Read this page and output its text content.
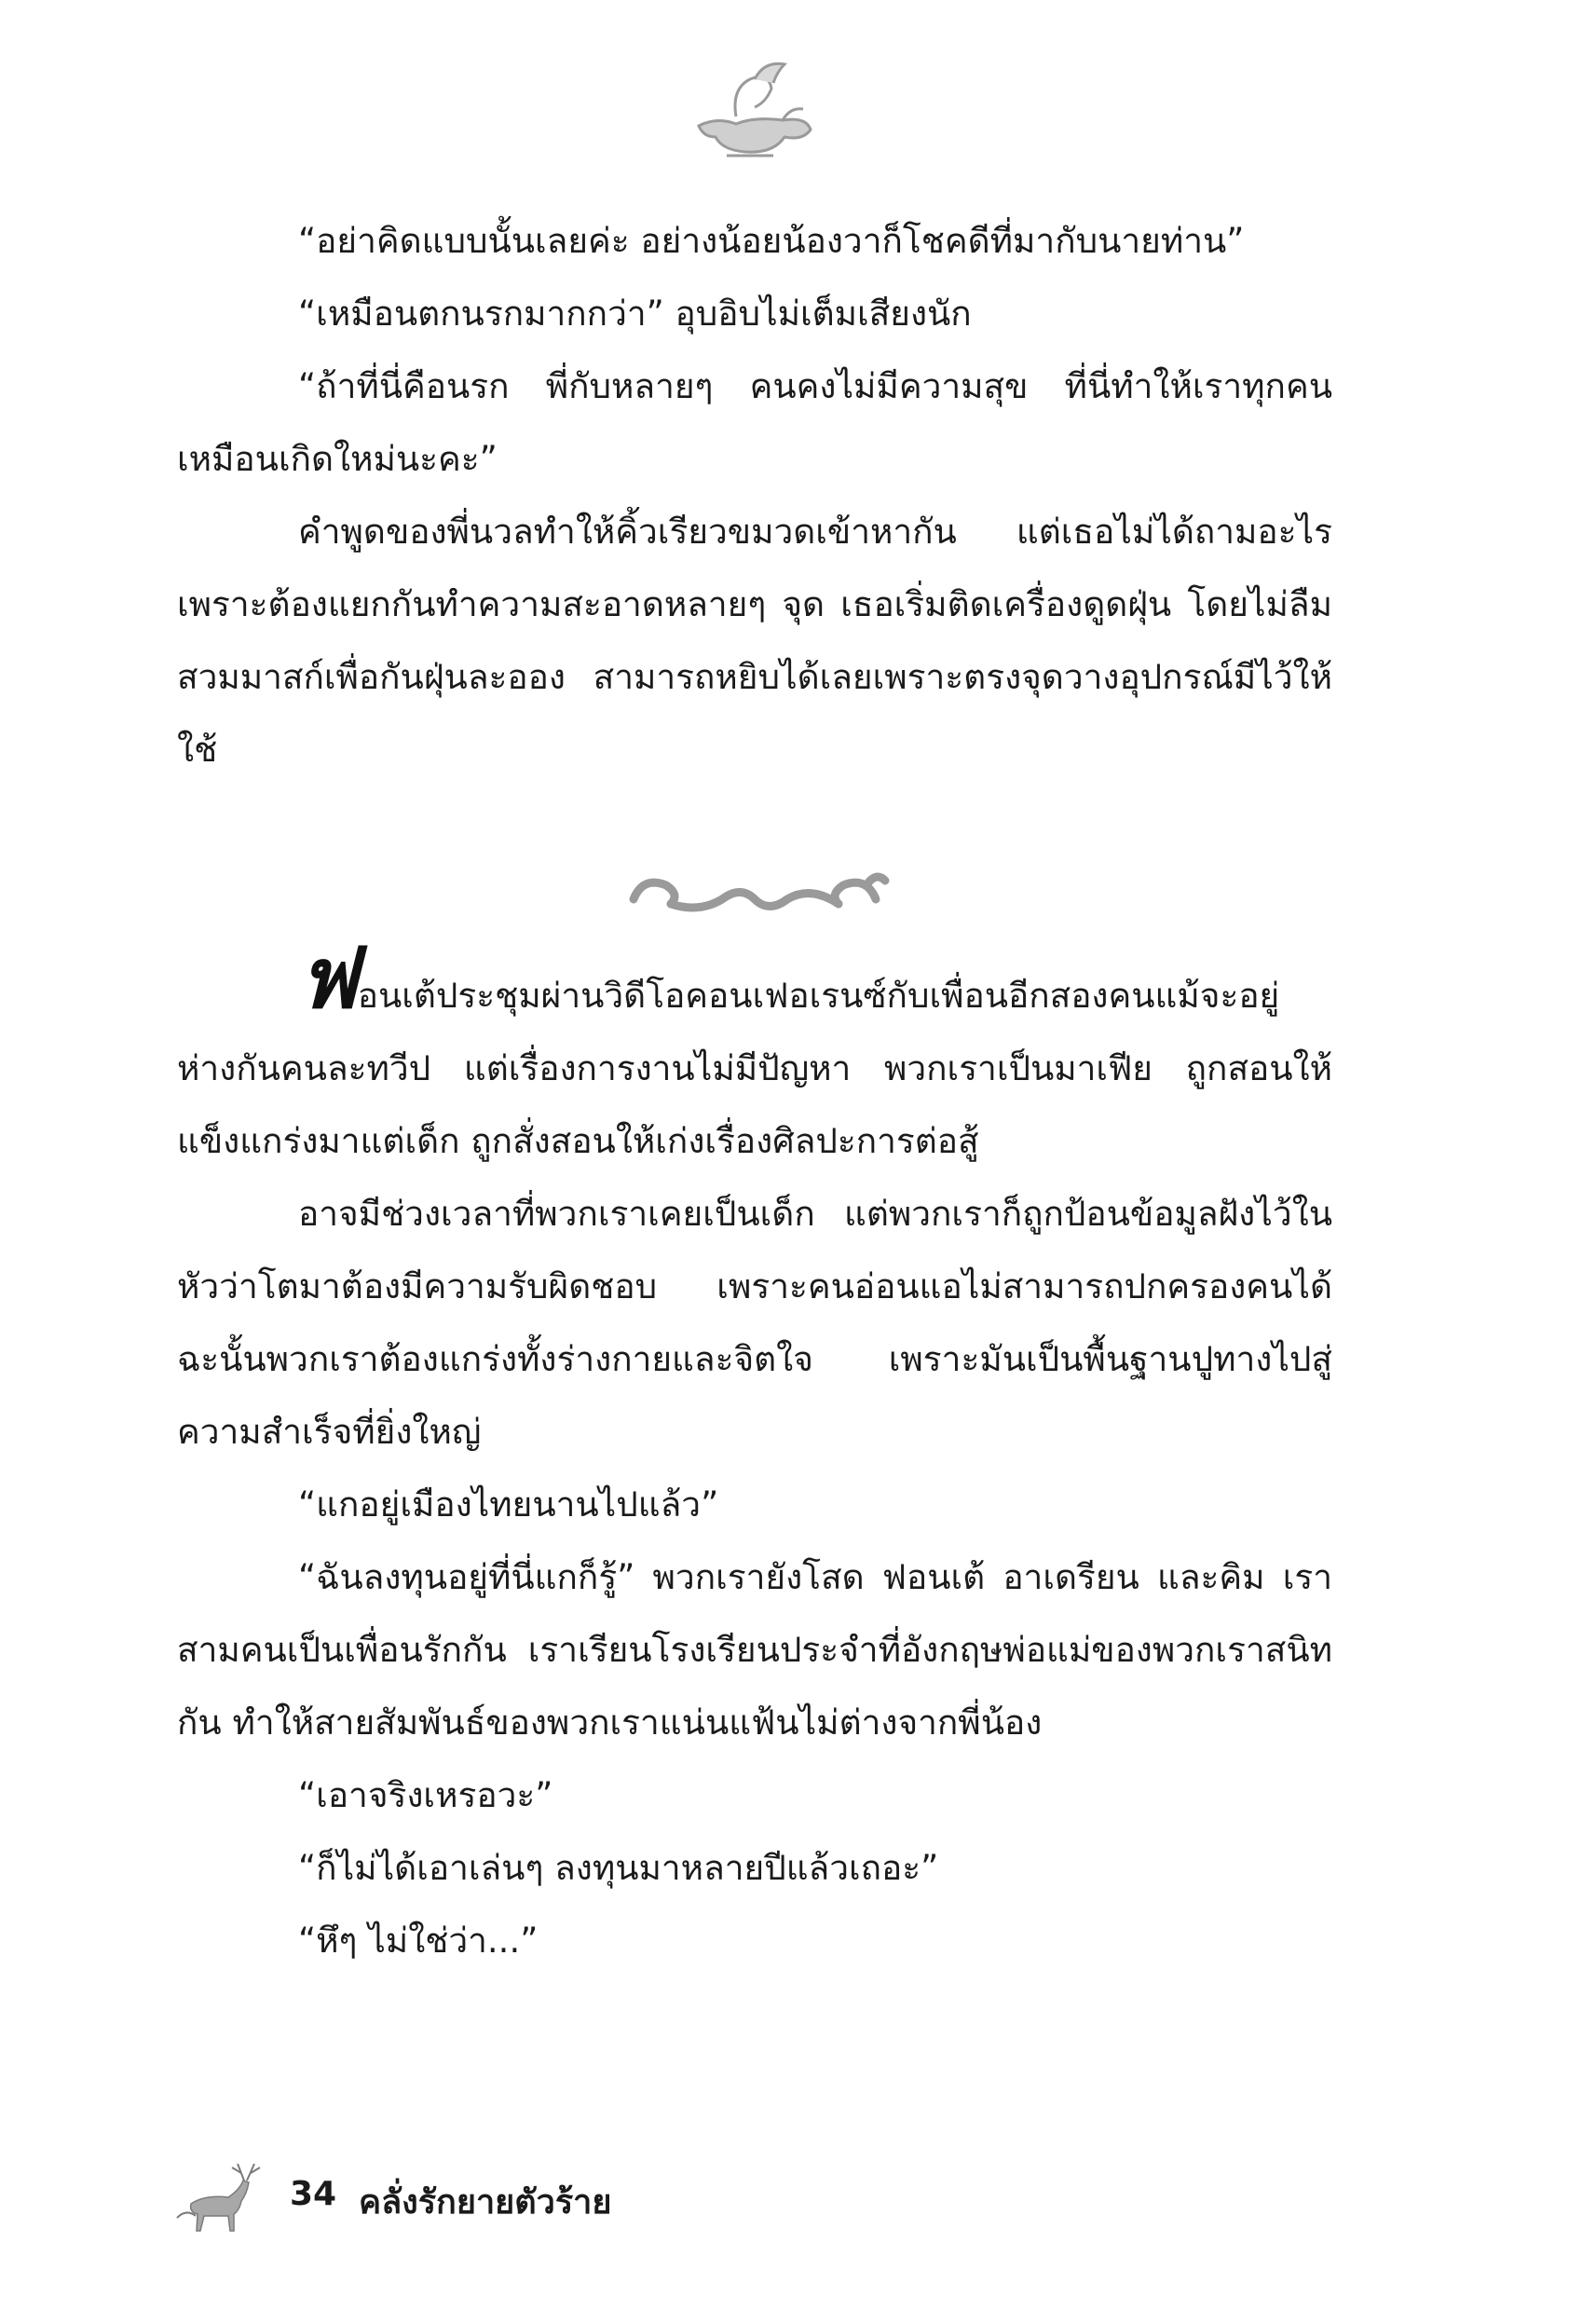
“อย่าคิดแบบนั้นเลยค่ะ อย่างน้อยน้องวาก็โชคดีที่มากับนายท่าน”

“เหมือนตกนรกมากกว่า” อุบอิบไม่เต็มเสียงนัก

“ถ้าที่นี่คือนรก พี่กับหลายๆ คนคงไม่มีความสุข ที่นี่ทำให้เราทุกคนเหมือนเกิดใหม่นะคะ”

คำพูดของพี่นวลทำให้คิ้วเรียวขมวดเข้าหากัน แต่เธอไม่ได้ถามอะไร เพราะต้องแยกกันทำความสะอาดหลายๆ จุด เธอเริ่มติดเครื่องดูดฝุ่น โดยไม่ลืมสวมมาสก์เพื่อกันฝุ่นละออง สามารถหยิบได้เลยเพราะตรงจุดวางอุปกรณ์มีไว้ให้ใช้

ฟอนเต้ประชุมผ่านวิดีโอคอนเฟอเรนซ์กับเพื่อนอีกสองคนแม้จะอยู่ห่างกันคนละทวีป แต่เรื่องการงานไม่มีปัญหา พวกเราเป็นมาเฟีย ถูกสอนให้แข็งแกร่งมาแต่เด็ก ถูกสั่งสอนให้เก่งเรื่องศิลปะการต่อสู้

อาจมีช่วงเวลาที่พวกเราเคยเป็นเด็ก แต่พวกเราก็ถูกป้อนข้อมูลฝังไว้ในหัวว่าโตมาต้องมีความรับผิดชอบ เพราะคนอ่อนแอไม่สามารถปกครองคนได้ ฉะนั้นพวกเราต้องแกร่งทั้งร่างกายและจิตใจ เพราะมันเป็นพื้นฐานปูทางไปสู่ความสำเร็จที่ยิ่งใหญ่

“แกอยู่เมืองไทยนานไปแล้ว”

“ฉันลงทุนอยู่ที่นี่แกก็รู้” พวกเรายังโสด ฟอนเต้ อาเดรียน และคิม เราสามคนเป็นเพื่อนรักกัน เราเรียนโรงเรียนประจำที่อังกฤษพ่อแม่ของพวกเราสนิทกัน ทำให้สายสัมพันธ์ของพวกเราแน่นแฟ้นไม่ต่างจากพี่น้อง

“เอาจริงเหรอวะ”

“ก็ไม่ได้เอาเล่นๆ ลงทุนมาหลายปีแล้วเถอะ”

“หึๆ ไม่ใช่ว่า...”

34 คลั่งรักยายตัวร้าย
